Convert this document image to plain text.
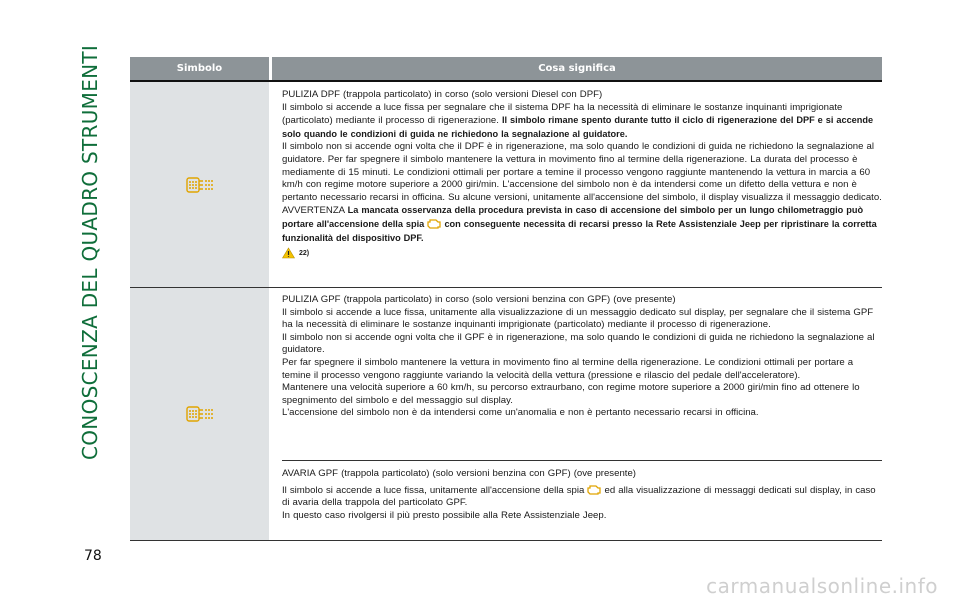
CONOSCENZA DEL QUADRO STRUMENTI	Simbolo	Cosa significa

PULIZIA DPF (trappola particolato) in corso (solo versioni Diesel con DPF)

Il simbolo si accende a luce fissa per segnalare che il sistema DPF ha la necessità di eliminare le sostanze inquinanti imprigionate (particolato) mediante il processo di rigenerazione. Il simbolo rimane spento durante tutto il ciclo di rigenerazione del DPF e si accende solo quando le condizioni di guida ne richiedono la segnalazione al guidatore.

Il simbolo non si accende ogni volta che il DPF è in rigenerazione, ma solo quando le condizioni di guida ne richiedono la segnalazione al guidatore. Per far spegnere il simbolo mantenere la vettura in movimento fino al termine della rigenerazione. La durata del processo è mediamente di 15 minuti. Le condizioni ottimali per portare a temine il processo vengono raggiunte mantenendo la vettura in marcia a 60 km/h con regime motore superiore a 2000 giri/min. L'accensione del simbolo non è da intendersi come un difetto della vettura e non è pertanto necessario recarsi in officina. Su alcune versioni, unitamente all'accensione del simbolo, il display visualizza il messaggio dedicato.

AVVERTENZA La mancata osservanza della procedura prevista in caso di accensione del simbolo per un lungo chilometraggio può portare all'accensione della spia con conseguente necessita di recarsi presso la Rete Assistenziale Jeep per ripristinare la corretta funzionalità del dispositivo DPF.

22)

PULIZIA GPF (trappola particolato) in corso (solo versioni benzina con GPF) (ove presente)

Il simbolo si accende a luce fissa, unitamente alla visualizzazione di un messaggio dedicato sul display, per segnalare che il sistema GPF ha la necessità di eliminare le sostanze inquinanti imprigionate (particolato) mediante il processo di rigenerazione.

Il simbolo non si accende ogni volta che il GPF è in rigenerazione, ma solo quando le condizioni di guida ne richiedono la segnalazione al guidatore.

Per far spegnere il simbolo mantenere la vettura in movimento fino al termine della rigenerazione. Le condizioni ottimali per portare a temine il processo vengono raggiunte variando la velocità della vettura (pressione e rilascio del pedale dell'acceleratore).

Mantenere una velocità superiore a 60 km/h, su percorso extraurbano, con regime motore superiore a 2000 giri/min fino ad ottenere lo spegnimento del simbolo e del messaggio sul display.

L'accensione del simbolo non è da intendersi come un'anomalia e non è pertanto necessario recarsi in officina.

AVARIA GPF (trappola particolato) (solo versioni benzina con GPF) (ove presente)

Il simbolo si accende a luce fissa, unitamente all'accensione della spia ed alla visualizzazione di messaggi dedicati sul display, in caso di avaria della trappola del particolato GPF.

In questo caso rivolgersi il più presto possibile alla Rete Assistenziale Jeep.

78
carmanualsonline.info
